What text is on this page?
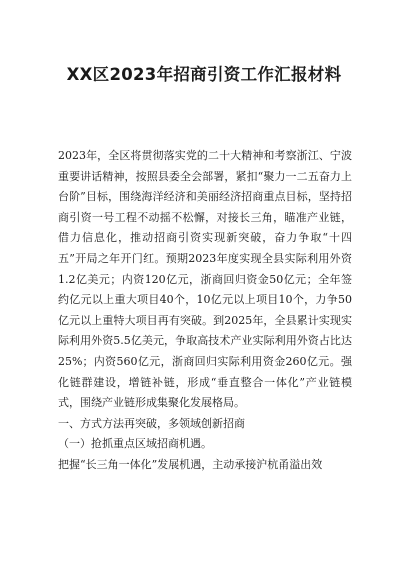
XX区2023年招商引资工作汇报材料

2023年，全区将贯彻落实党的二十大精神和考察浙江、宁波重要讲话精神，按照县委全会部署，紧扣“聚力一二五奋力上台阶”目标，围绕海洋经济和美丽经济招商重点目标，坚持招商引资一号工程不动摇不松懈，对接长三角，瞄准产业链，借力信息化，推动招商引资实现新突破，奋力争取“十四五”开局之年开门红。预期2023年度实现全县实际利用外资1.2亿美元；内资120亿元，浙商回归资金50亿元；全年签约亿元以上重大项目40个，10亿元以上项目10个，力争50亿元以上重特大项目再有突破。到2025年，全县累计实现实际利用外资5.5亿美元，争取高技术产业实际利用外资占比达25%；内资560亿元，浙商回归实际利用资金260亿元。强化链群建设，增链补链，形成“垂直整合一体化”产业链模式，围绕产业链形成集聚化发展格局。

一、方式方法再突破，多领域创新招商

（一）抢抓重点区域招商机遇。

把握“长三角一体化”发展机遇，主动承接沪杭甬溢出效
